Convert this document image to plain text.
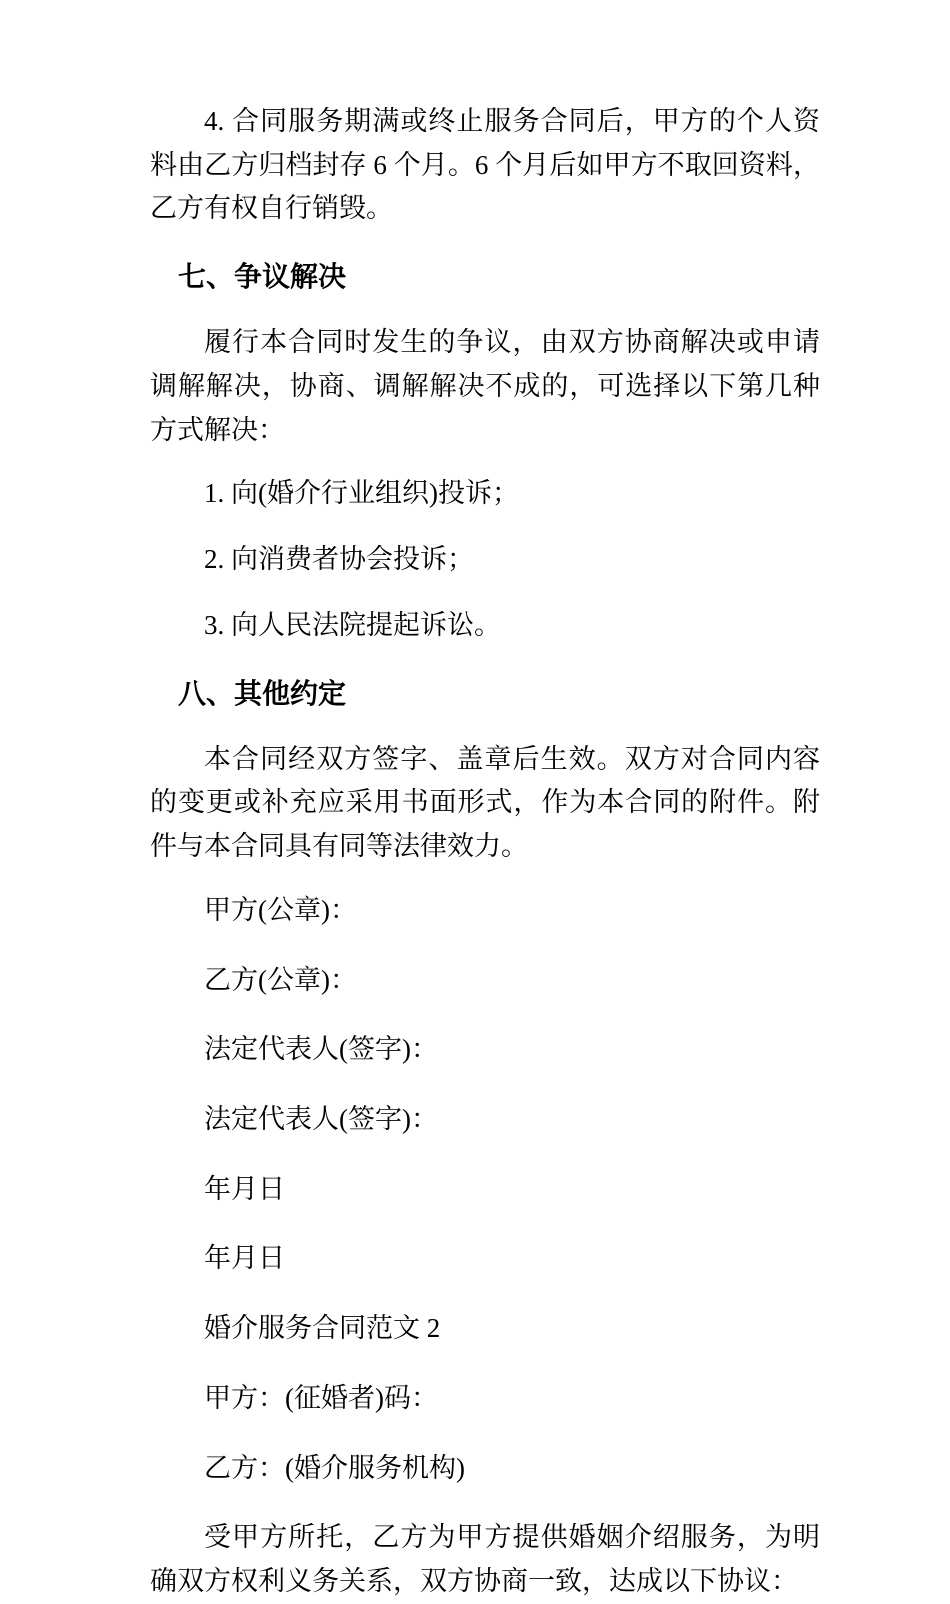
4. 合同服务期满或终止服务合同后，甲方的个人资料由乙方归档封存 6 个月。6 个月后如甲方不取回资料，乙方有权自行销毁。

七、争议解决

履行本合同时发生的争议，由双方协商解决或申请调解解决，协商、调解解决不成的，可选择以下第几种方式解决：

1. 向(婚介行业组织)投诉；

2. 向消费者协会投诉；

3. 向人民法院提起诉讼。

八、其他约定

本合同经双方签字、盖章后生效。双方对合同内容的变更或补充应采用书面形式，作为本合同的附件。附件与本合同具有同等法律效力。

甲方(公章)：

乙方(公章)：

法定代表人(签字)：

法定代表人(签字)：

年月日

年月日

婚介服务合同范文 2

甲方：(征婚者)码：

乙方：(婚介服务机构)

受甲方所托，乙方为甲方提供婚姻介绍服务，为明确双方权利义务关系，双方协商一致，达成以下协议：
